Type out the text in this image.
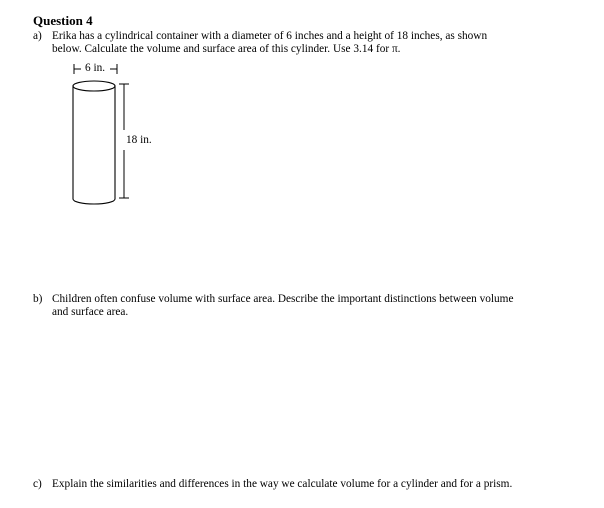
Question 4
a) Erika has a cylindrical container with a diameter of 6 inches and a height of 18 inches, as shown
below. Calculate the volume and surface area of this cylinder. Use 3.14 for π.
6 in.
18 in.
b) Children often confuse volume with surface area. Describe the important distinctions between volume
and surface area.
c) Explain the similarities and differences in the way we calculate volume for a cylinder and for a prism.
